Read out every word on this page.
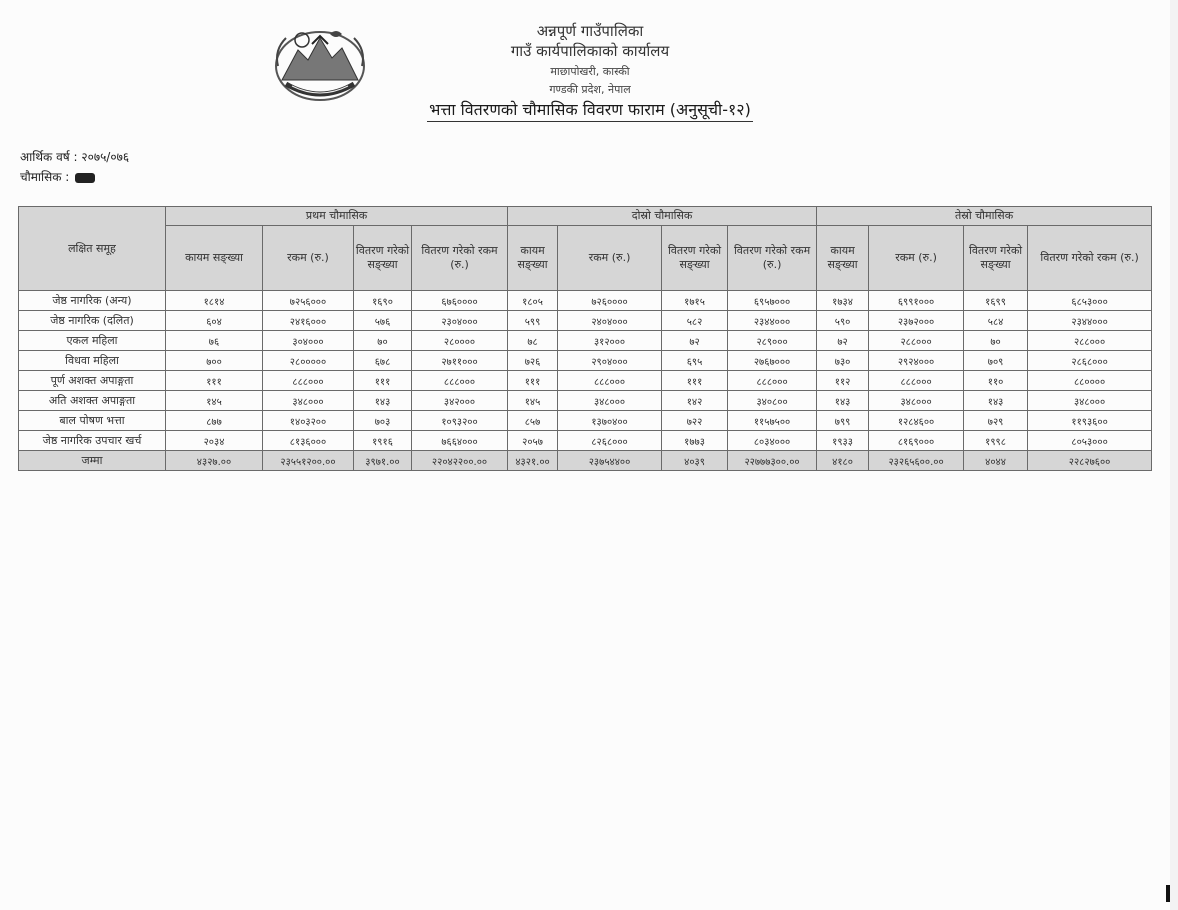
अन्नपूर्ण गाउँपालिका
गाउँ कार्यपालिकाको कार्यालय
माछापोखरी, कास्की
गण्डकी प्रदेश, नेपाल
भत्ता वितरणको चौमासिक विवरण फाराम (अनुसूची-१२)
आर्थिक वर्ष : २०७५/०७६
चौमासिक :
लक्षित समूह	प्रथम चौमासिक				दोस्रो चौमासिक				तेस्रो चौमासिक			
	कायम सङ्ख्या	रकम (रु.)	वितरण गरेको सङ्ख्या	वितरण गरेको रकम (रु.)	कायम सङ्ख्या	रकम (रु.)	वितरण गरेको सङ्ख्या	वितरण गरेको रकम (रु.)	कायम सङ्ख्या	रकम (रु.)	वितरण गरेको सङ्ख्या	वितरण गरेको रकम (रु.)
जेष्ठ नागरिक (अन्य)	१८१४	७२५६०००	१६९०	६७६००००	१८०५	७२६००००	१७१५	६९५७०००	१७३४	६९९१०००	१६९९	६८५३०००
जेष्ठ नागरिक (दलित)	६०४	२४१६०००	५७६	२३०४०००	५९९	२४०४०००	५८२	२३४४०००	५९०	२३७२०००	५८४	२३४४०००
एकल महिला	७६	३०४०००	७०	२८००००	७८	३१२०००	७२	२८९०००	७२	२८८०००	७०	२८८०००
विधवा महिला	७००	२८०००००	६७८	२७११०००	७२६	२९०४०००	६९५	२७६७०००	७३०	२९२४०००	७०९	२८६८०००
पूर्ण अशक्त अपाङ्गता	१११	८८८०००	१११	८८८०००	१११	८८८०००	१११	८८८०००	११२	८८८०००	११०	८८००००
अति अशक्त अपाङ्गता	१४५	३४८०००	१४३	३४२०००	१४५	३४८०००	१४२	३४०८००	१४३	३४८०००	१४३	३४८०००
बाल पोषण भत्ता	८७७	१४०३२००	७०३	१०९३२००	८५७	१३७०४००	७२२	११५७५००	७९९	१२८४६००	७२९	११९३६००
जेष्ठ नागरिक उपचार खर्च	२०३४	८१३६०००	१९१६	७६६४०००	२०५७	८२६८०००	१७७३	८०३४०००	१९३३	८१६९०००	१९९८	८०५३०००
जम्मा	४३२७.००	२३५५१२००.००	३९७१.००	२२०४२२००.००	४३२१.००	२३७५४४००	४०३९	२२७७७३००.००	४१८०	२३२६५६००.००	४०४४	२२८२७६००
